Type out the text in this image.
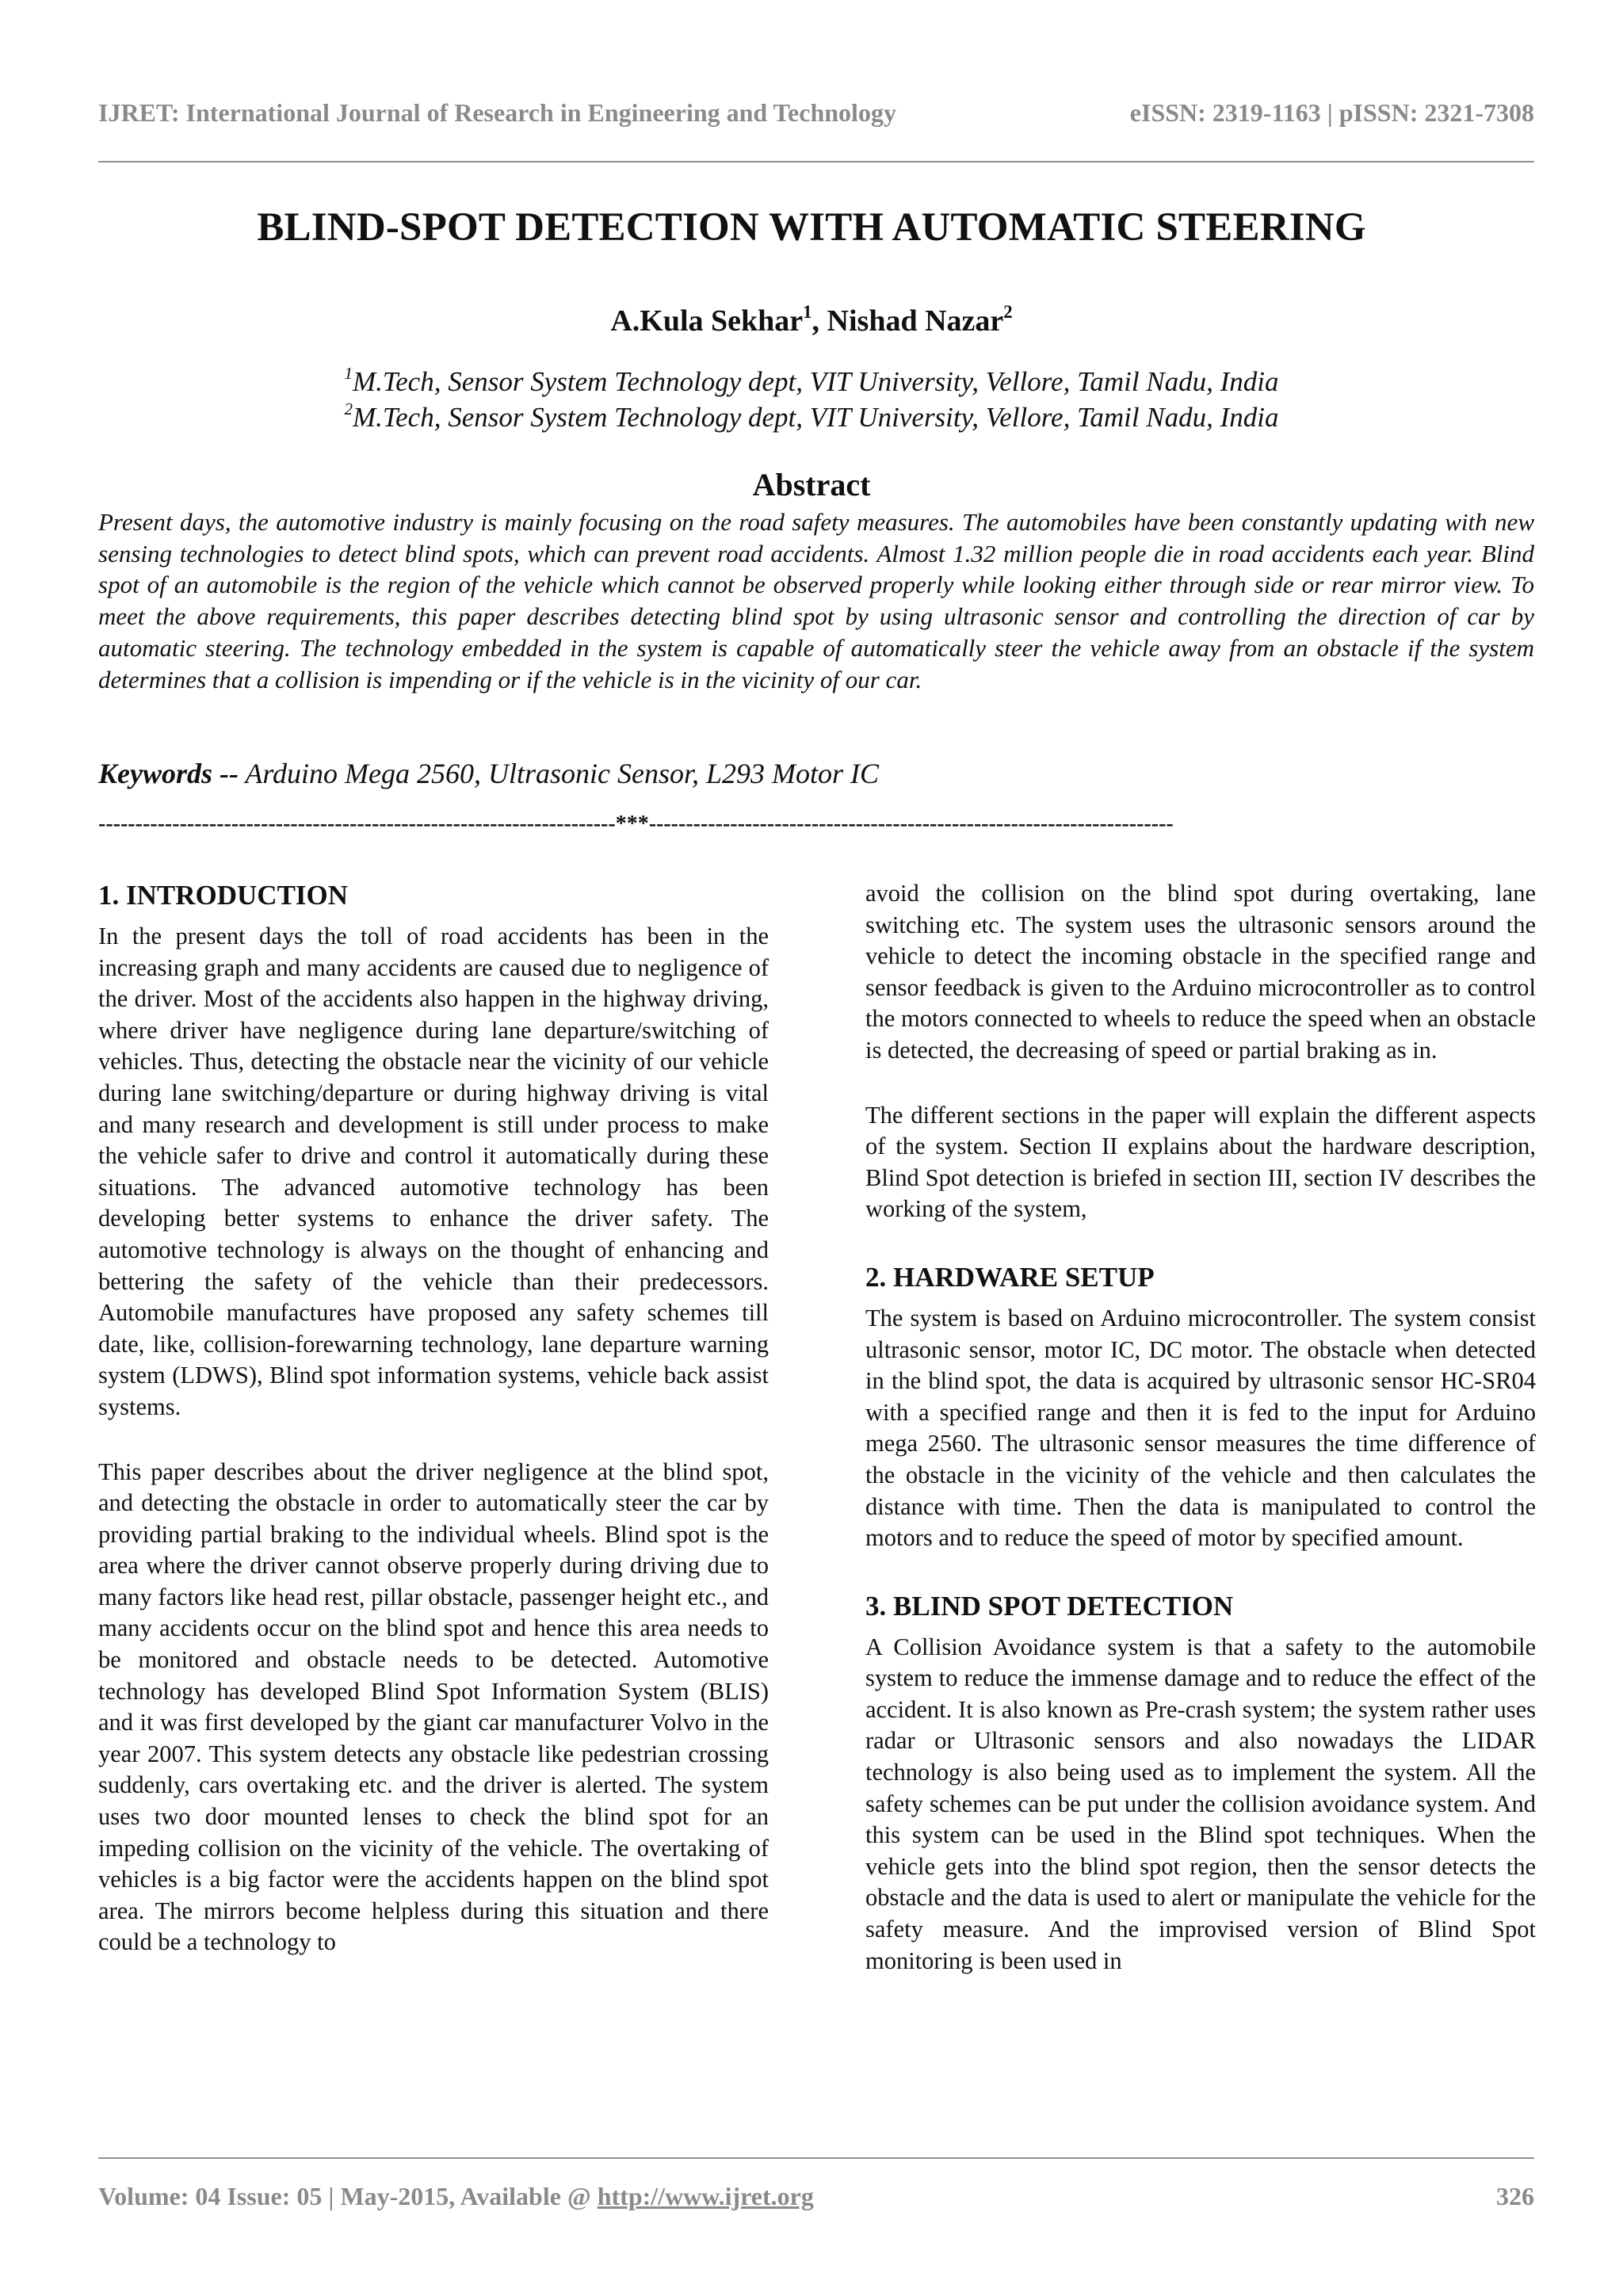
IJRET: International Journal of Research in Engineering and Technology	eISSN: 2319-1163 | pISSN: 2321-7308
BLIND-SPOT DETECTION WITH AUTOMATIC STEERING
A.Kula Sekhar$^1$, Nishad Nazar$^2$
$^1$M.Tech, Sensor System Technology dept, VIT University, Vellore, Tamil Nadu, India
$^2$M.Tech, Sensor System Technology dept, VIT University, Vellore, Tamil Nadu, India
Abstract
Present days, the automotive industry is mainly focusing on the road safety measures. The automobiles have been constantly updating with new sensing technologies to detect blind spots, which can prevent road accidents. Almost 1.32 million people die in road accidents each year. Blind spot of an automobile is the region of the vehicle which cannot be observed properly while looking either through side or rear mirror view. To meet the above requirements, this paper describes detecting blind spot by using ultrasonic sensor and controlling the direction of car by automatic steering. The technology embedded in the system is capable of automatically steer the vehicle away from an obstacle if the system determines that a collision is impending or if the vehicle is in the vicinity of our car.
Keywords -- Arduino Mega 2560, Ultrasonic Sensor, L293 Motor IC
----------------------------------------------------------------------***-----------------------------------------------------------------------

1. INTRODUCTION

In the present days the toll of road accidents has been in the increasing graph and many accidents are caused due to negligence of the driver. Most of the accidents also happen in the highway driving, where driver have negligence during lane departure/switching of vehicles. Thus, detecting the obstacle near the vicinity of our vehicle during lane switching/departure or during highway driving is vital and many research and development is still under process to make the vehicle safer to drive and control it automatically during these situations. The advanced automotive technology has been developing better systems to enhance the driver safety. The automotive technology is always on the thought of enhancing and bettering the safety of the vehicle than their predecessors. Automobile manufactures have proposed any safety schemes till date, like, collision-forewarning technology, lane departure warning system (LDWS), Blind spot information systems, vehicle back assist systems.

This paper describes about the driver negligence at the blind spot, and detecting the obstacle in order to automatically steer the car by providing partial braking to the individual wheels. Blind spot is the area where the driver cannot observe properly during driving due to many factors like head rest, pillar obstacle, passenger height etc., and many accidents occur on the blind spot and hence this area needs to be monitored and obstacle needs to be detected. Automotive technology has developed Blind Spot Information System (BLIS) and it was first developed by the giant car manufacturer Volvo in the year 2007. This system detects any obstacle like pedestrian crossing suddenly, cars overtaking etc. and the driver is alerted. The system uses two door mounted lenses to check the blind spot for an impeding collision on the vicinity of the vehicle. The overtaking of vehicles is a big factor were the accidents happen on the blind spot area. The mirrors become helpless during this situation and there could be a technology to

avoid the collision on the blind spot during overtaking, lane switching etc. The system uses the ultrasonic sensors around the vehicle to detect the incoming obstacle in the specified range and sensor feedback is given to the Arduino microcontroller as to control the motors connected to wheels to reduce the speed when an obstacle is detected, the decreasing of speed or partial braking as in.

The different sections in the paper will explain the different aspects of the system. Section II explains about the hardware description, Blind Spot detection is briefed in section III, section IV describes the working of the system,

2. HARDWARE SETUP

The system is based on Arduino microcontroller. The system consist ultrasonic sensor, motor IC, DC motor. The obstacle when detected in the blind spot, the data is acquired by ultrasonic sensor HC-SR04 with a specified range and then it is fed to the input for Arduino mega 2560. The ultrasonic sensor measures the time difference of the obstacle in the vicinity of the vehicle and then calculates the distance with time. Then the data is manipulated to control the motors and to reduce the speed of motor by specified amount.

3. BLIND SPOT DETECTION

A Collision Avoidance system is that a safety to the automobile system to reduce the immense damage and to reduce the effect of the accident. It is also known as Pre-crash system; the system rather uses radar or Ultrasonic sensors and also nowadays the LIDAR technology is also being used as to implement the system. All the safety schemes can be put under the collision avoidance system. And this system can be used in the Blind spot techniques. When the vehicle gets into the blind spot region, then the sensor detects the obstacle and the data is used to alert or manipulate the vehicle for the safety measure. And the improvised version of Blind Spot monitoring is been used in

Volume: 04 Issue: 05 | May-2015, Available @ http://www.ijret.org	326
